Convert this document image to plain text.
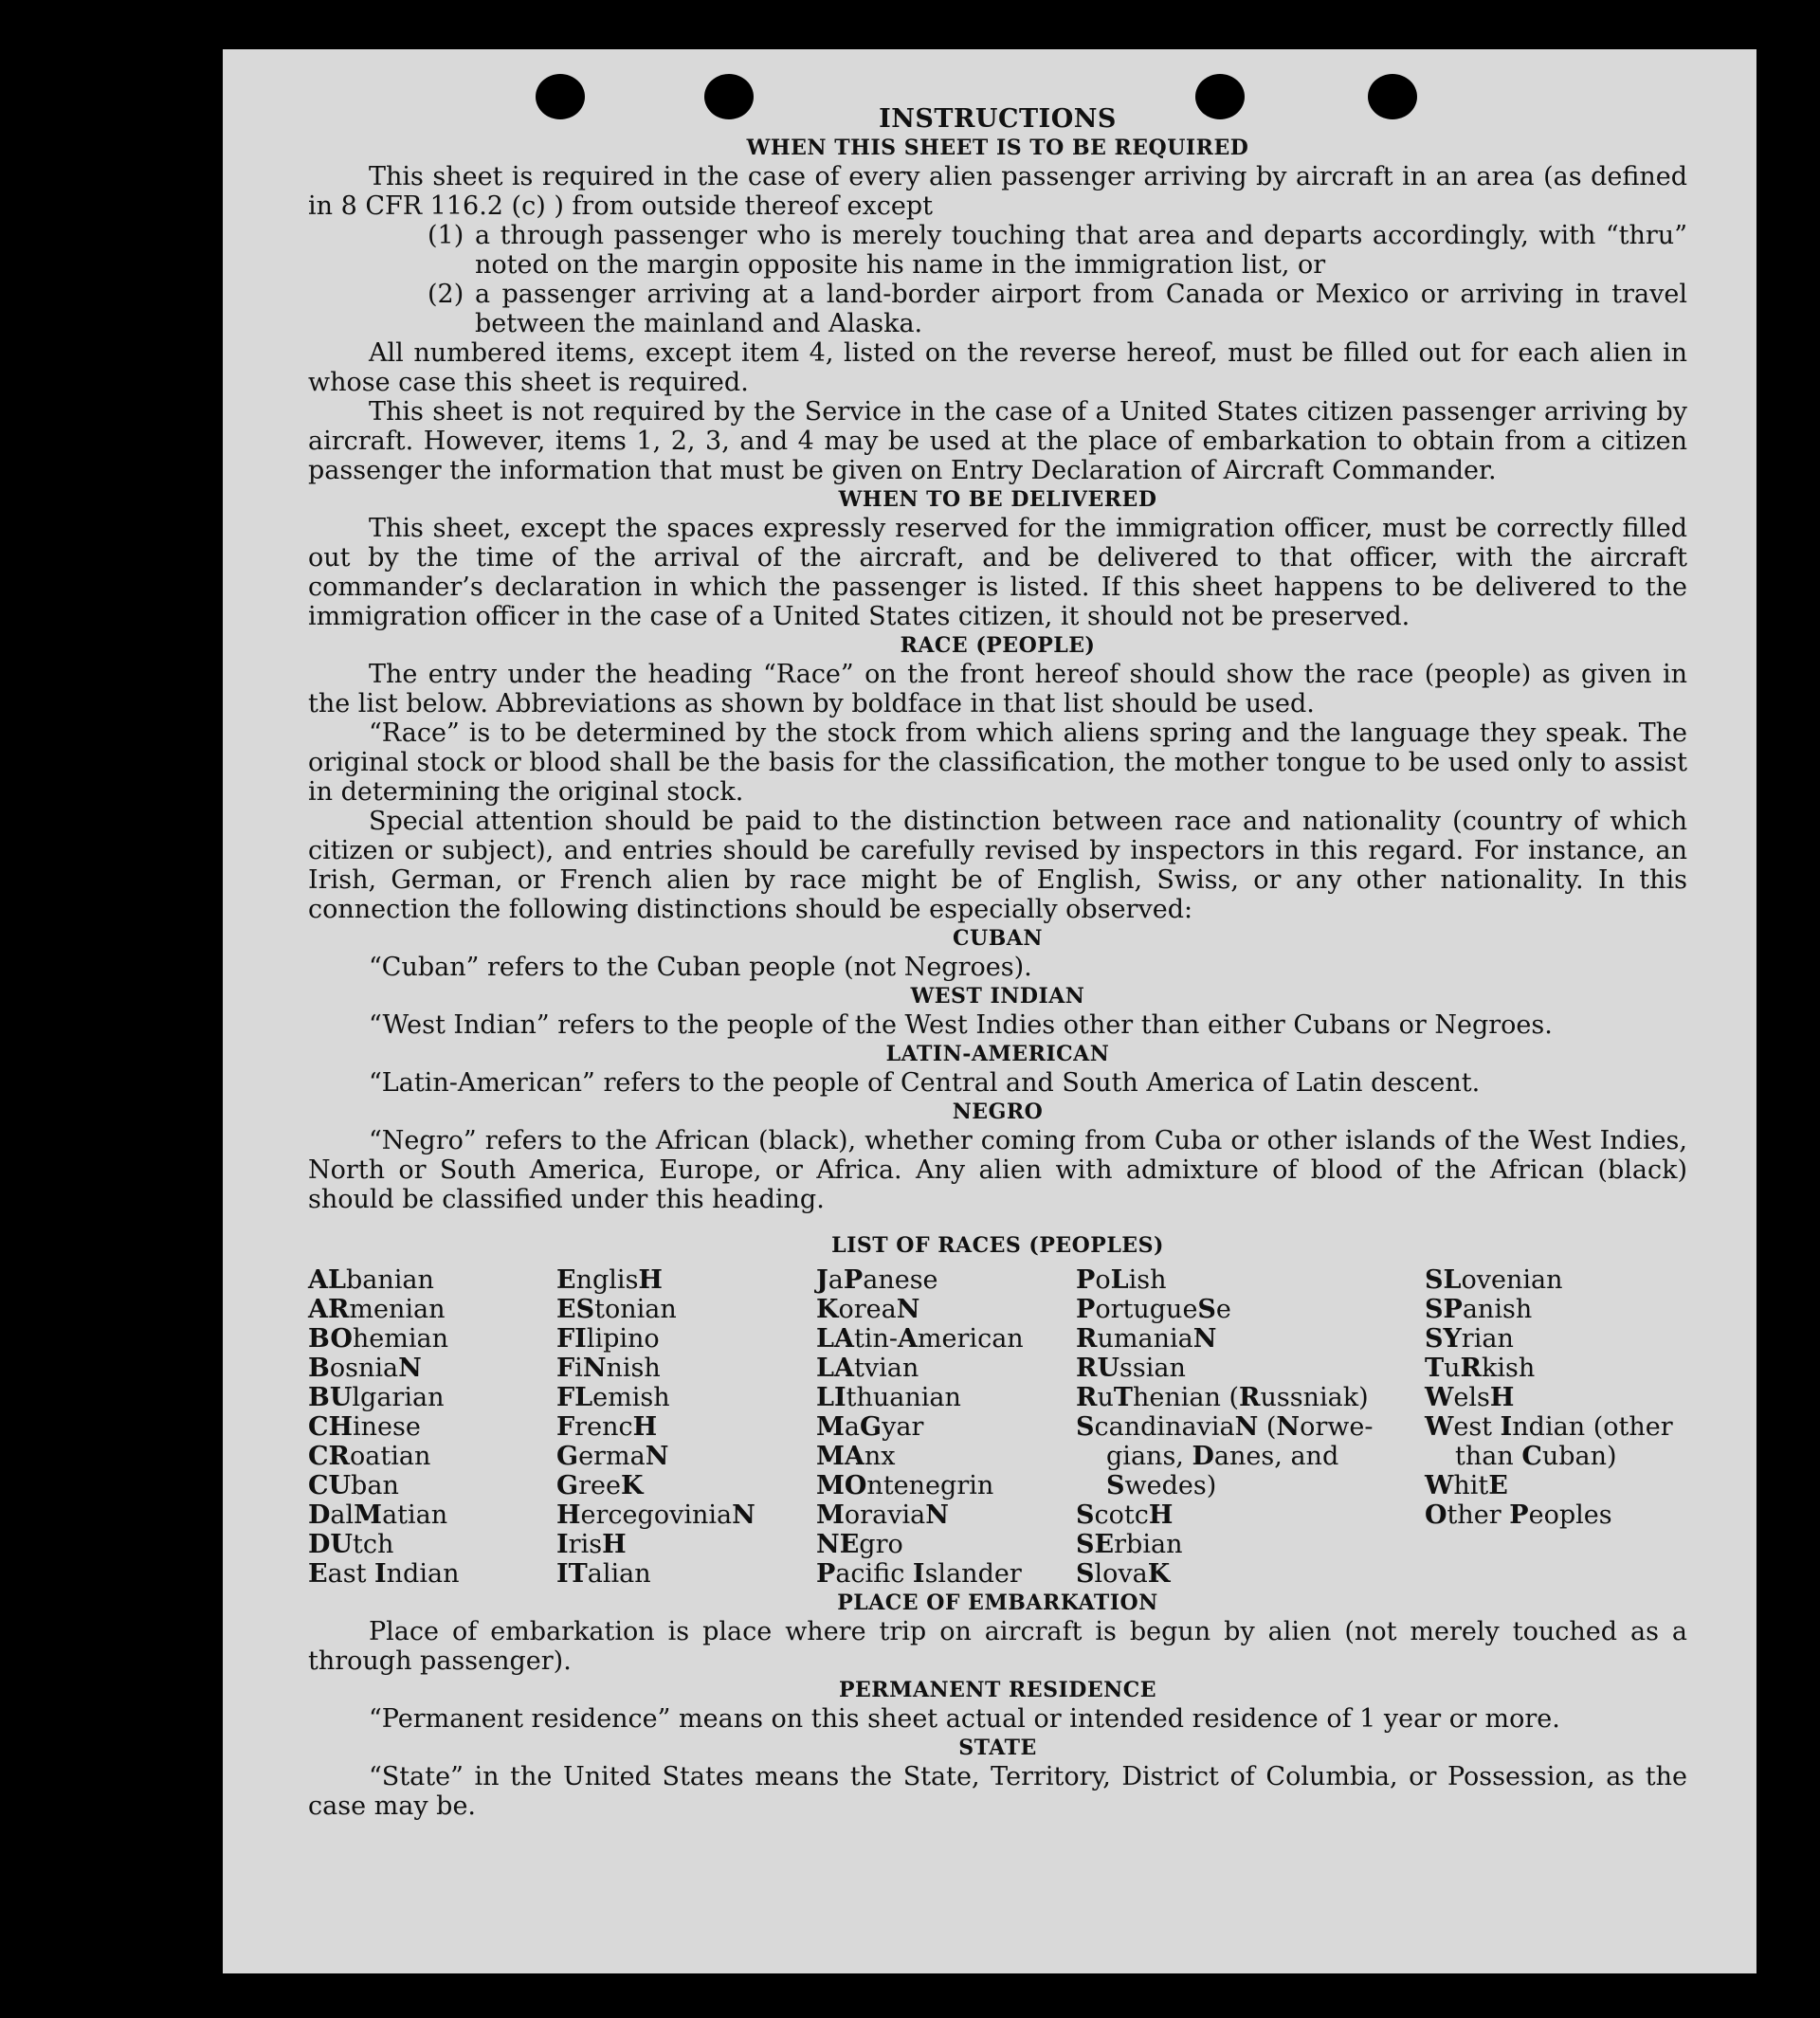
INSTRUCTIONS
WHEN THIS SHEET IS TO BE REQUIRED

This sheet is required in the case of every alien passenger arriving by aircraft in an area (as defined in 8 CFR 116.2 (c) ) from outside thereof except

(1) a through passenger who is merely touching that area and departs accordingly, with “thru” noted on the margin opposite his name in the immigration list, or
(2) a passenger arriving at a land-border airport from Canada or Mexico or arriving in travel between the mainland and Alaska.

All numbered items, except item 4, listed on the reverse hereof, must be filled out for each alien in whose case this sheet is required.

This sheet is not required by the Service in the case of a United States citizen passenger arriving by aircraft. However, items 1, 2, 3, and 4 may be used at the place of embarkation to obtain from a citizen passenger the information that must be given on Entry Declaration of Aircraft Commander.

WHEN TO BE DELIVERED

This sheet, except the spaces expressly reserved for the immigration officer, must be correctly filled out by the time of the arrival of the aircraft, and be delivered to that officer, with the aircraft commander’s declaration in which the passenger is listed. If this sheet happens to be delivered to the immigration officer in the case of a United States citizen, it should not be preserved.

RACE (PEOPLE)

The entry under the heading “Race” on the front hereof should show the race (people) as given in the list below. Abbreviations as shown by boldface in that list should be used.

“Race” is to be determined by the stock from which aliens spring and the language they speak. The original stock or blood shall be the basis for the classification, the mother tongue to be used only to assist in determining the original stock.

Special attention should be paid to the distinction between race and nationality (country of which citizen or subject), and entries should be carefully revised by inspectors in this regard. For instance, an Irish, German, or French alien by race might be of English, Swiss, or any other nationality. In this connection the following distinctions should be especially observed:

CUBAN

“Cuban” refers to the Cuban people (not Negroes).

WEST INDIAN

“West Indian” refers to the people of the West Indies other than either Cubans or Negroes.

LATIN-AMERICAN

“Latin-American” refers to the people of Central and South America of Latin descent.

NEGRO

“Negro” refers to the African (black), whether coming from Cuba or other islands of the West Indies, North or South America, Europe, or Africa. Any alien with admixture of blood of the African (black) should be classified under this heading.

LIST OF RACES (PEOPLES)
ALbanian
ARmenian
BOhemian
BosniaN
BUlgarian
CHinese
CRoatian
CUban
DalMatian
DUtch
East Indian
EnglisH
EStonian
FIlipino
FiNnish
FLemish
FrencH
GermaN
GreeK
HercegoviniaN
IrisH
ITalian
JaPanese
KoreaN
LAtin-American
LAtvian
LIthuanian
MaGyar
MAnx
MOntenegrin
MoraviaN
NEgro
Pacifc Islander
PoLish
PortugueSe
RumaniaN
RUssian
RuThenian (Russniak)
ScandinaviaN (Norwe-
gians, Danes, and
Swedes)
ScotcH
SErbian
SlovaK
SLovenian
SPanish
SYrian
TuRkish
WelsH
West Indian (other
than Cuban)
WhitE
Other Peoples
PLACE OF EMBARKATION

Place of embarkation is place where trip on aircraft is begun by alien (not merely touched as a through passenger).

PERMANENT RESIDENCE

“Permanent residence” means on this sheet actual or intended residence of 1 year or more.

STATE

“State” in the United States means the State, Territory, District of Columbia, or Possession, as the case may be.
